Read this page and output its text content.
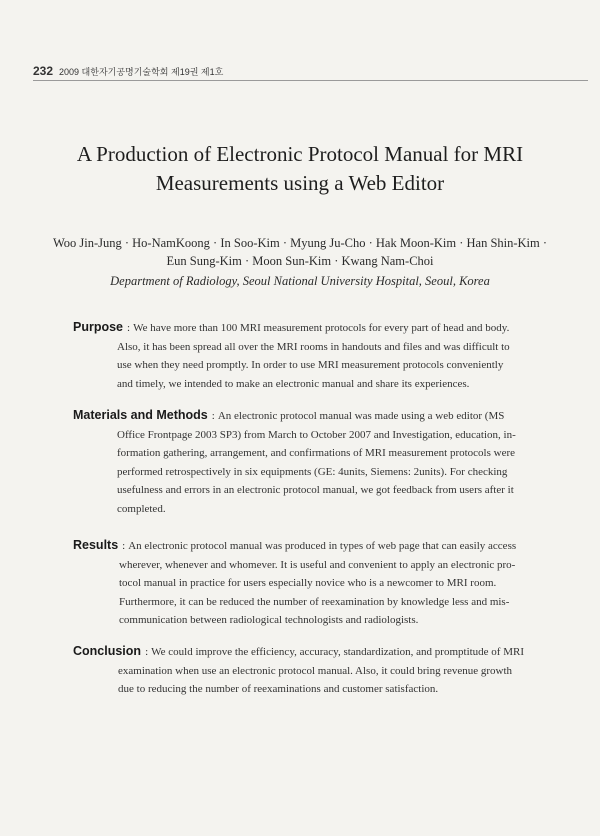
232 2009 대한자기공명기술학회 제19권 제1호
A Production of Electronic Protocol Manual for MRI
Measurements using a Web Editor
Woo Jin-Jung · Ho-NamKoong · In Soo-Kim · Myung Ju-Cho · Hak Moon-Kim · Han Shin-Kim ·
Eun Sung-Kim · Moon Sun-Kim · Kwang Nam-Choi
Department of Radiology, Seoul National University Hospital, Seoul, Korea
Purpose : We have more than 100 MRI measurement protocols for every part of head and body.
Also, it has been spread all over the MRI rooms in handouts and files and was difficult to
use when they need promptly. In order to use MRI measurement protocols conveniently
and timely, we intended to make an electronic manual and share its experiences.
Materials and Methods : An electronic protocol manual was made using a web editor (MS
Office Frontpage 2003 SP3) from March to October 2007 and Investigation, education, in-
formation gathering, arrangement, and confirmations of MRI measurement protocols were
performed retrospectively in six equipments (GE: 4units, Siemens: 2units). For checking
usefulness and errors in an electronic protocol manual, we got feedback from users after it
completed.
Results : An electronic protocol manual was produced in types of web page that can easily access
wherever, whenever and whomever. It is useful and convenient to apply an electronic pro-
tocol manual in practice for users especially novice who is a newcomer to MRI room.
Furthermore, it can be reduced the number of reexamination by knowledge less and mis-
communication between radiological technologists and radiologists.
Conclusion : We could improve the efficiency, accuracy, standardization, and promptitude of MRI
examination when use an electronic protocol manual. Also, it could bring revenue growth
due to reducing the number of reexaminations and customer satisfaction.
